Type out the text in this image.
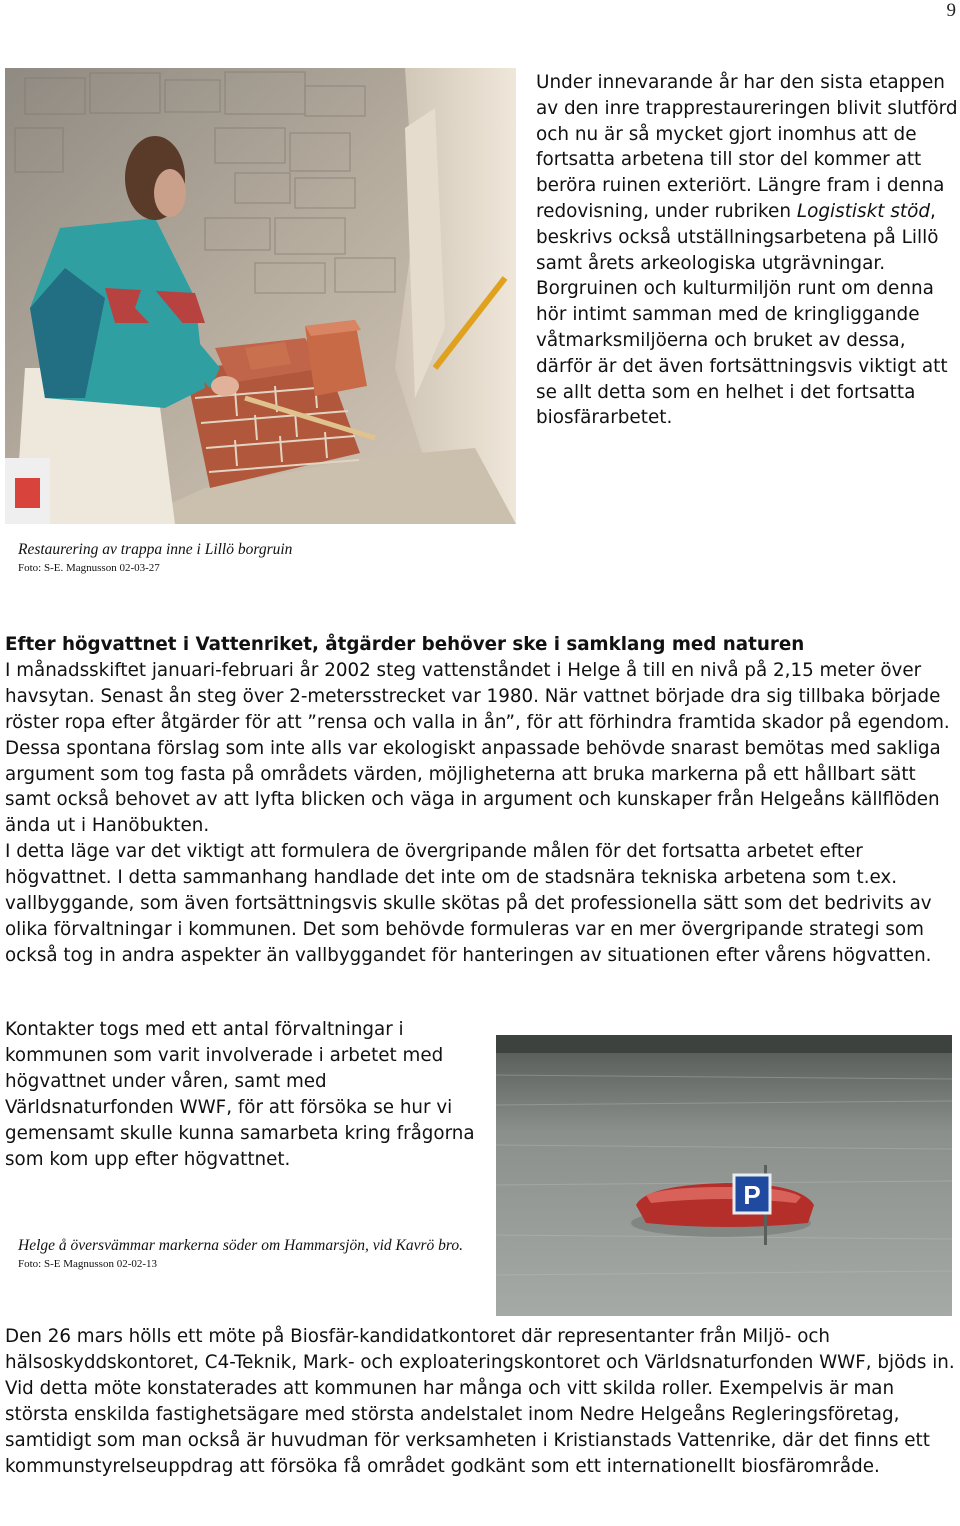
9

Under innevarande år har den sista etappen av den inre trapprestaureringen blivit slutförd och nu är så mycket gjort inomhus att de fortsatta arbetena till stor del kommer att beröra ruinen exteriört. Längre fram i denna redovisning, under rubriken Logistiskt stöd, beskrivs också utställningsarbetena på Lillö samt årets arkeologiska utgrävningar.

Borgruinen och kulturmiljön runt om denna hör intimt samman med de kringliggande våtmarksmiljöerna och bruket av dessa, därför är det även fortsättningsvis viktigt att se allt detta som en helhet i det fortsatta biosfärarbetet.

Restaurering av trappa inne i Lillö borgruin
Foto: S-E. Magnusson 02-03-27
Efter högvattnet i Vattenriket, åtgärder behöver ske i samklang med naturen

I månadsskiftet januari-februari år 2002 steg vattenståndet i Helge å till en nivå på 2,15 meter över havsytan. Senast ån steg över 2-metersstrecket var 1980. När vattnet började dra sig tillbaka började röster ropa efter åtgärder för att ”rensa och valla in ån”, för att förhindra framtida skador på egendom.

Dessa spontana förslag som inte alls var ekologiskt anpassade behövde snarast bemötas med sakliga argument som tog fasta på områdets värden, möjligheterna att bruka markerna på ett hållbart sätt samt också behovet av att lyfta blicken och väga in argument och kunskaper från Helgeåns källflöden ända ut i Hanöbukten.

I detta läge var det viktigt att formulera de övergripande målen för det fortsatta arbetet efter högvattnet. I detta sammanhang handlade det inte om de stadsnära tekniska arbetena som t.ex. vallbyggande, som även fortsättningsvis skulle skötas på det professionella sätt som det bedrivits av olika förvaltningar i kommunen. Det som behövde formuleras var en mer övergripande strategi som också tog in andra aspekter än vallbyggandet för hanteringen av situationen efter vårens högvatten.

Kontakter togs med ett antal förvaltningar i kommunen som varit involverade i arbetet med högvattnet under våren, samt med Världsnaturfonden WWF, för att försöka se hur vi gemensamt skulle kunna samarbeta kring frågorna som kom upp efter högvattnet.

P
Helge å översvämmar markerna söder om Hammarsjön, vid Kavrö bro.
Foto: S-E Magnusson 02-02-13

Den 26 mars hölls ett möte på Biosfär-kandidatkontoret där representanter från Miljö- och hälsoskyddskontoret, C4-Teknik, Mark- och exploateringskontoret och Världsnaturfonden WWF, bjöds in. Vid detta möte konstaterades att kommunen har många och vitt skilda roller. Exempelvis är man största enskilda fastighetsägare med största andelstalet inom Nedre Helgeåns Regleringsföretag, samtidigt som man också är huvudman för verksamheten i Kristianstads Vattenrike, där det finns ett kommunstyrelseuppdrag att försöka få området godkänt som ett internationellt biosfärområde.
